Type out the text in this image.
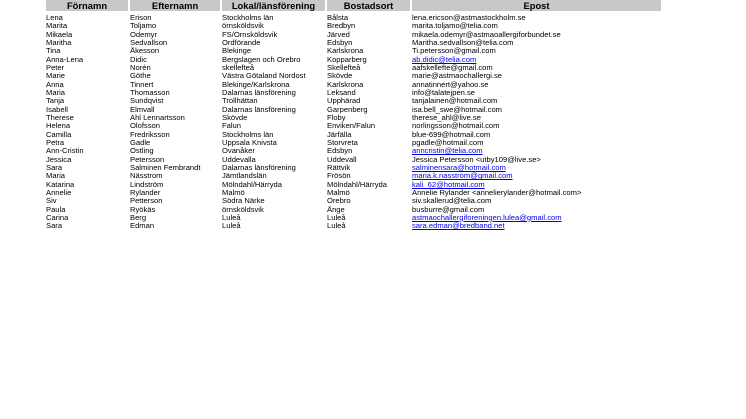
Förnamn	Efternamn	Lokal/länsförening	Bostadsort	Epost
Lena	Erison	Stockholms län	Bålsta	lena.ericson@astmastockholm.se
Marita	Toljamo	örnsköldsvik	Bredbyn	marita.toljamo@telia.com
Mikaela	Odemyr	FS/Örnsköldsvik	Järved	mikaela.odemyr@astmaoallergiforbundet.se
Maritha	Sedvallson	Ordförande	Edsbyn	Maritha.sedvallson@telia.com
Tina	Åkesson	Blekinge	Karlskrona	Ti.petersson@gmail.com
Anna-Lena	Didic	Bergslagen och Örebro	Kopparberg	ab.didic@telia.com
Peter	Norén	skellefteå	Skellefteå	aafskellefte@gmail.com
Marie	Göthe	Västra Götaland Nordost	Skövde	marie@astmaochallergi.se
Anna	Tinnert	Blekinge/Karlskrona	Karlskrona	annatinnert@yahoo.se
Maria	Thomasson	Dalarnas länsförening	Leksand	info@talatejpen.se
Tanja	Sundqvist	Trollhättan	Upphärad	tanjalainen@hotmail.com
Isabell	Elmvall	Dalarnas länsförening	Garpenberg	isa.bell_swe@hotmail.com
Therese	Ahl Lennartsson	Skövde	Floby	therese_ahl@live.se
Helena	Olofsson	Falun	Enviken/Falun	norlingsson@hotmail.com
Camilla	Fredriksson	Stockholms län	Järfälla	blue-699@hotmail.com
Petra	Gadle	Uppsala Knivsta	Storvreta	pgadle@hotmail.com
Ann-Cristin	Östling	Ovanåker	Edsbyn	anncristin@telia.com
Jessica	Petersson	Uddevalla	Uddevall	Jessica Petersson <utby109@live.se>
Sara	Salminen Fembrandt	Dalarnas länsförening	Rättvik	salminensara@hotmail.com
Maria	Nässtrom	Jämtlandslän	Frösön	maria.k.nasstrom@gmail.com
Katarina	Lindström	Mölndahl/Härryda	Mölndahl/Härryda	kali_62@hotmail.com
Annelie	Rylander	Malmö	Malmö	Annelie Rylander <annelierylander@hotmail.com>
Siv	Petterson	Södra Närke	Örebro	siv.skallerud@telia.com
Paula	Ryökäs	örnsköldsvik	Ånge	busburre@gmail.com
Carina	Berg	Luleå	Luleå	astmaochallergiforeningen.lulea@gmail.com
Sara	Edman	Luleå	Luleå	sara.edman@bredband.net
